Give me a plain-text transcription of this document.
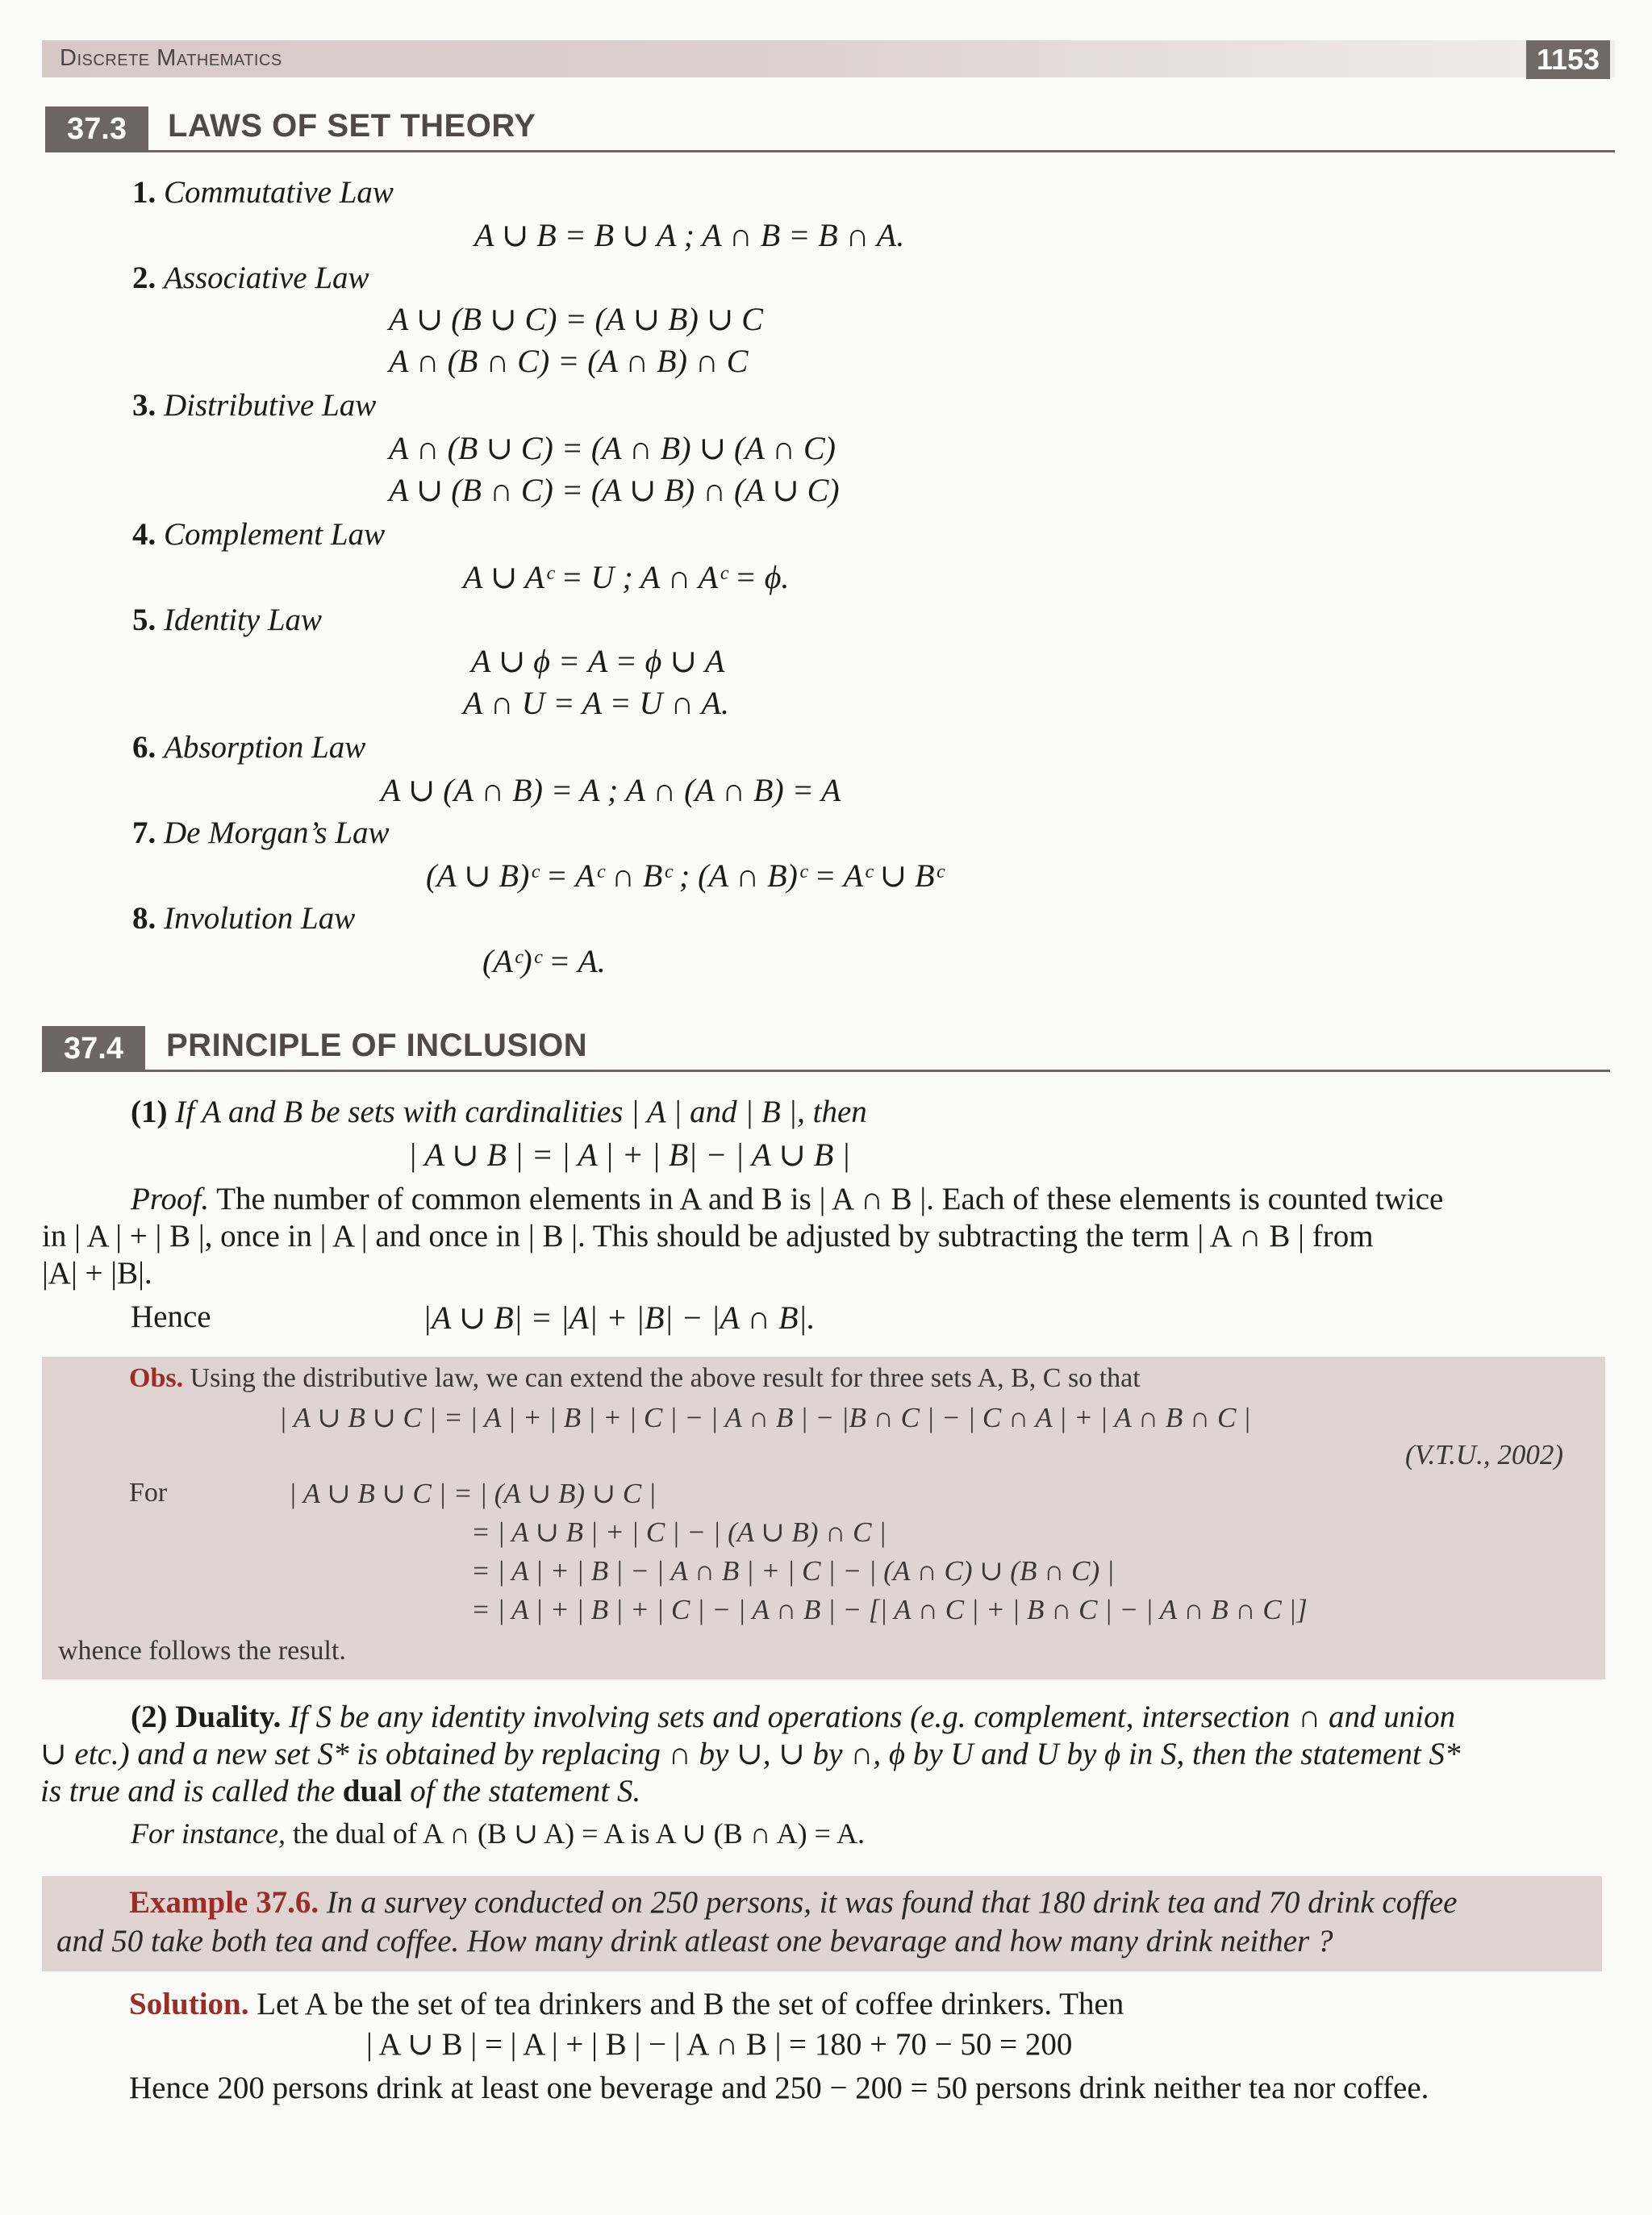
Discrete Mathematics	1153
37.3	LAWS OF SET THEORY
1. Commutative Law
A ∪ B = B ∪ A ; A ∩ B = B ∩ A.
2. Associative Law
A ∪ (B ∪ C) = (A ∪ B) ∪ C
A ∩ (B ∩ C) = (A ∩ B) ∩ C
3. Distributive Law
A ∩ (B ∪ C) = (A ∩ B) ∪ (A ∩ C)
A ∪ (B ∩ C) = (A ∪ B) ∩ (A ∪ C)
4. Complement Law
A ∪ Aᶜ = U ; A ∩ Aᶜ = ϕ.
5. Identity Law
A ∪ ϕ = A = ϕ ∪ A
A ∩ U = A = U ∩ A.
6. Absorption Law
A ∪ (A ∩ B) = A ; A ∩ (A ∩ B) = A
7. De Morgan’s Law
(A ∪ B)ᶜ = Aᶜ ∩ Bᶜ ; (A ∩ B)ᶜ = Aᶜ ∪ Bᶜ
8. Involution Law
(Aᶜ)ᶜ = A.
37.4	PRINCIPLE OF INCLUSION
(1) If A and B be sets with cardinalities | A | and | B |, then
| A ∪ B | = | A | + | B| − | A ∪ B |
Proof. The number of common elements in A and B is | A ∩ B |. Each of these elements is counted twice
in | A | + | B |, once in | A | and once in | B |. This should be adjusted by subtracting the term | A ∩ B | from
|A| + |B|.
Hence	|A ∪ B| = |A| + |B| − |A ∩ B|.
Obs. Using the distributive law, we can extend the above result for three sets A, B, C so that
| A ∪ B ∪ C | = | A | + | B | + | C | − | A ∩ B | − |B ∩ C | − | C ∩ A | + | A ∩ B ∩ C |
(V.T.U., 2002)
For	| A ∪ B ∪ C | = | (A ∪ B) ∪ C |
= | A ∪ B | + | C | − | (A ∪ B) ∩ C |
= | A | + | B | − | A ∩ B | + | C | − | (A ∩ C) ∪ (B ∩ C) |
= | A | + | B | + | C | − | A ∩ B | − [| A ∩ C | + | B ∩ C | − | A ∩ B ∩ C |]
whence follows the result.
(2) Duality. If S be any identity involving sets and operations (e.g. complement, intersection ∩ and union
∪ etc.) and a new set S* is obtained by replacing ∩ by ∪, ∪ by ∩, ϕ by U and U by ϕ in S, then the statement S*
is true and is called the dual of the statement S.
For instance, the dual of A ∩ (B ∪ A) = A is A ∪ (B ∩ A) = A.
Example 37.6. In a survey conducted on 250 persons, it was found that 180 drink tea and 70 drink coffee
and 50 take both tea and coffee. How many drink atleast one bevarage and how many drink neither ?
Solution. Let A be the set of tea drinkers and B the set of coffee drinkers. Then
| A ∪ B | = | A | + | B | − | A ∩ B | = 180 + 70 − 50 = 200
Hence 200 persons drink at least one beverage and 250 − 200 = 50 persons drink neither tea nor coffee.
